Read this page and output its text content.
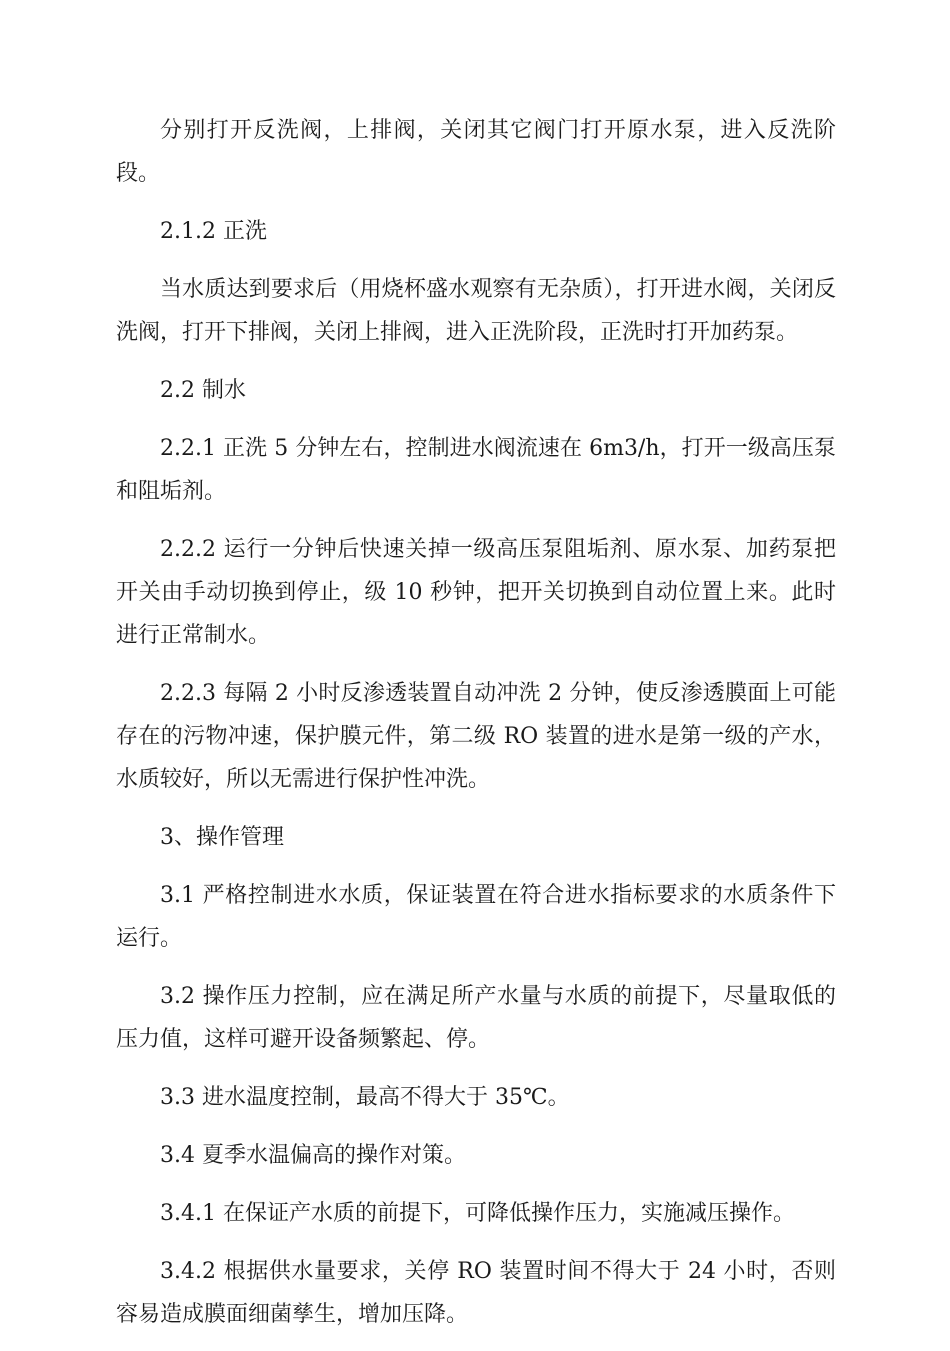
分别打开反洗阀，上排阀，关闭其它阀门打开原水泵，进入反洗阶段。

2.1.2 正洗

当水质达到要求后（用烧杯盛水观察有无杂质），打开进水阀，关闭反洗阀，打开下排阀，关闭上排阀，进入正洗阶段，正洗时打开加药泵。

2.2 制水

2.2.1 正洗 5 分钟左右，控制进水阀流速在 6m3/h，打开一级高压泵和阻垢剂。

2.2.2 运行一分钟后快速关掉一级高压泵阻垢剂、原水泵、加药泵把开关由手动切换到停止，级 10 秒钟，把开关切换到自动位置上来。此时进行正常制水。

2.2.3 每隔 2 小时反渗透装置自动冲洗 2 分钟，使反渗透膜面上可能存在的污物冲速，保护膜元件，第二级 RO 装置的进水是第一级的产水，水质较好，所以无需进行保护性冲洗。

3、操作管理

3.1 严格控制进水水质，保证装置在符合进水指标要求的水质条件下运行。

3.2 操作压力控制，应在满足所产水量与水质的前提下，尽量取低的压力值，这样可避开设备频繁起、停。

3.3 进水温度控制，最高不得大于 35℃。

3.4 夏季水温偏高的操作对策。

3.4.1 在保证产水质的前提下，可降低操作压力，实施减压操作。

3.4.2 根据供水量要求，关停 RO 装置时间不得大于 24 小时，否则容易造成膜面细菌孳生，增加压降。
